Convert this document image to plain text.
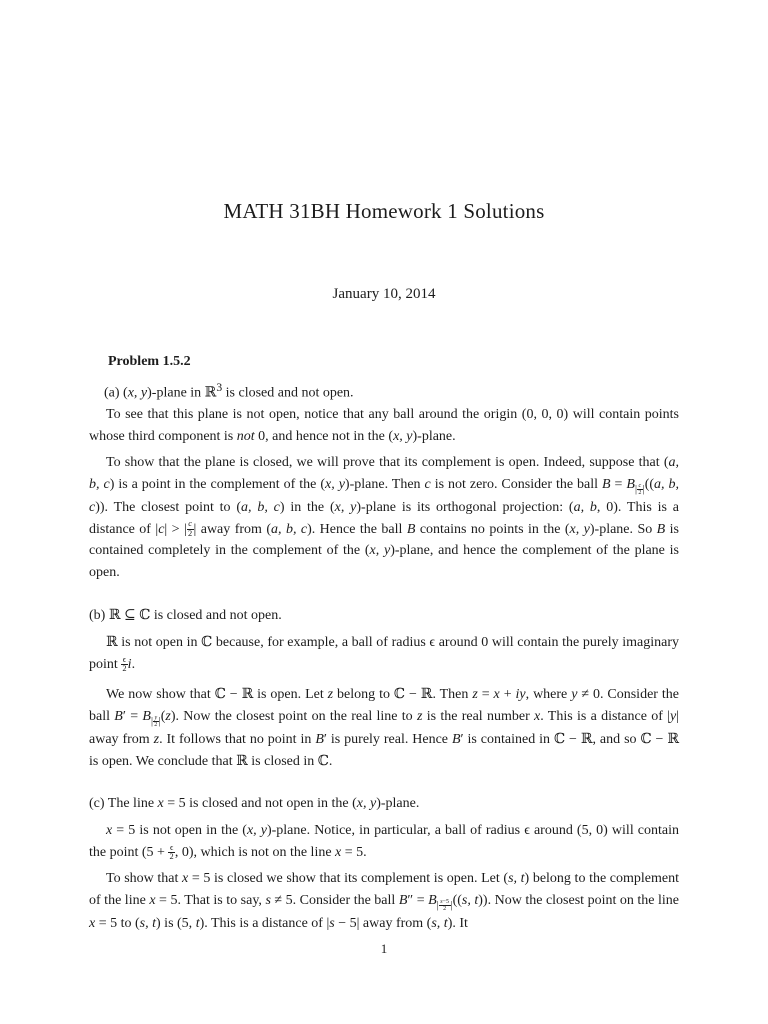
MATH 31BH Homework 1 Solutions
January 10, 2014
Problem 1.5.2
(a) (x, y)-plane in ℝ$^3$ is closed and not open.
To see that this plane is not open, notice that any ball around the origin (0, 0, 0) will contain points whose third component is not 0, and hence not in the (x, y)-plane.
To show that the plane is closed, we will prove that its complement is open. Indeed, suppose that (a, b, c) is a point in the complement of the (x, y)-plane. Then c is not zero. Consider the ball $B = B_{| \frac{c}{2} |}((a$, b, c)). The closest point to (a, b, c) in the (x, y)-plane is its orthogonal projection: (a, b, 0). This is a distance of |c| > | $\frac{c}{2}$ | away from (a, b, c). Hence the ball B contains no points in the (x, y)-plane. So B is contained completely in the complement of the (x, y)-plane, and hence the complement of the plane is open.
(b) ℝ ⊆ ℂ is closed and not open.
ℝ is not open in ℂ because, for example, a ball of radius ϵ around 0 will contain the purely imaginary point $\frac{\epsilon}{2} i$.
We now show that ℂ − ℝ is open. Let z belong to ℂ − ℝ. Then z = x + iy, where y ≠ 0. Consider the ball $B' = B_{| \frac{y}{2} |}(z)$. Now the closest point on the real line to z is the real number x. This is a distance of |y| away from z. It follows that no point in B′ is purely real. Hence B′ is contained in ℂ − ℝ, and so ℂ − ℝ is open. We conclude that ℝ is closed in ℂ.
(c) The line x = 5 is closed and not open in the (x, y)-plane.
x = 5 is not open in the (x, y)-plane. Notice, in particular, a ball of radius ϵ around (5, 0) will contain the point ($5 + \frac{\epsilon}{2}$ , 0), which is not on the line x = 5.
To show that x = 5 is closed we show that its complement is open. Let (s, t) belong to the complement of the line x = 5. That is to say, s ≠ 5. Consider the ball $B'' = B_{| \frac{s-5}{2} |}((s$, t)). Now the closest point on the line x = 5 to (s, t) is (5, t). This is a distance of |s − 5| away from (s, t). It
1
